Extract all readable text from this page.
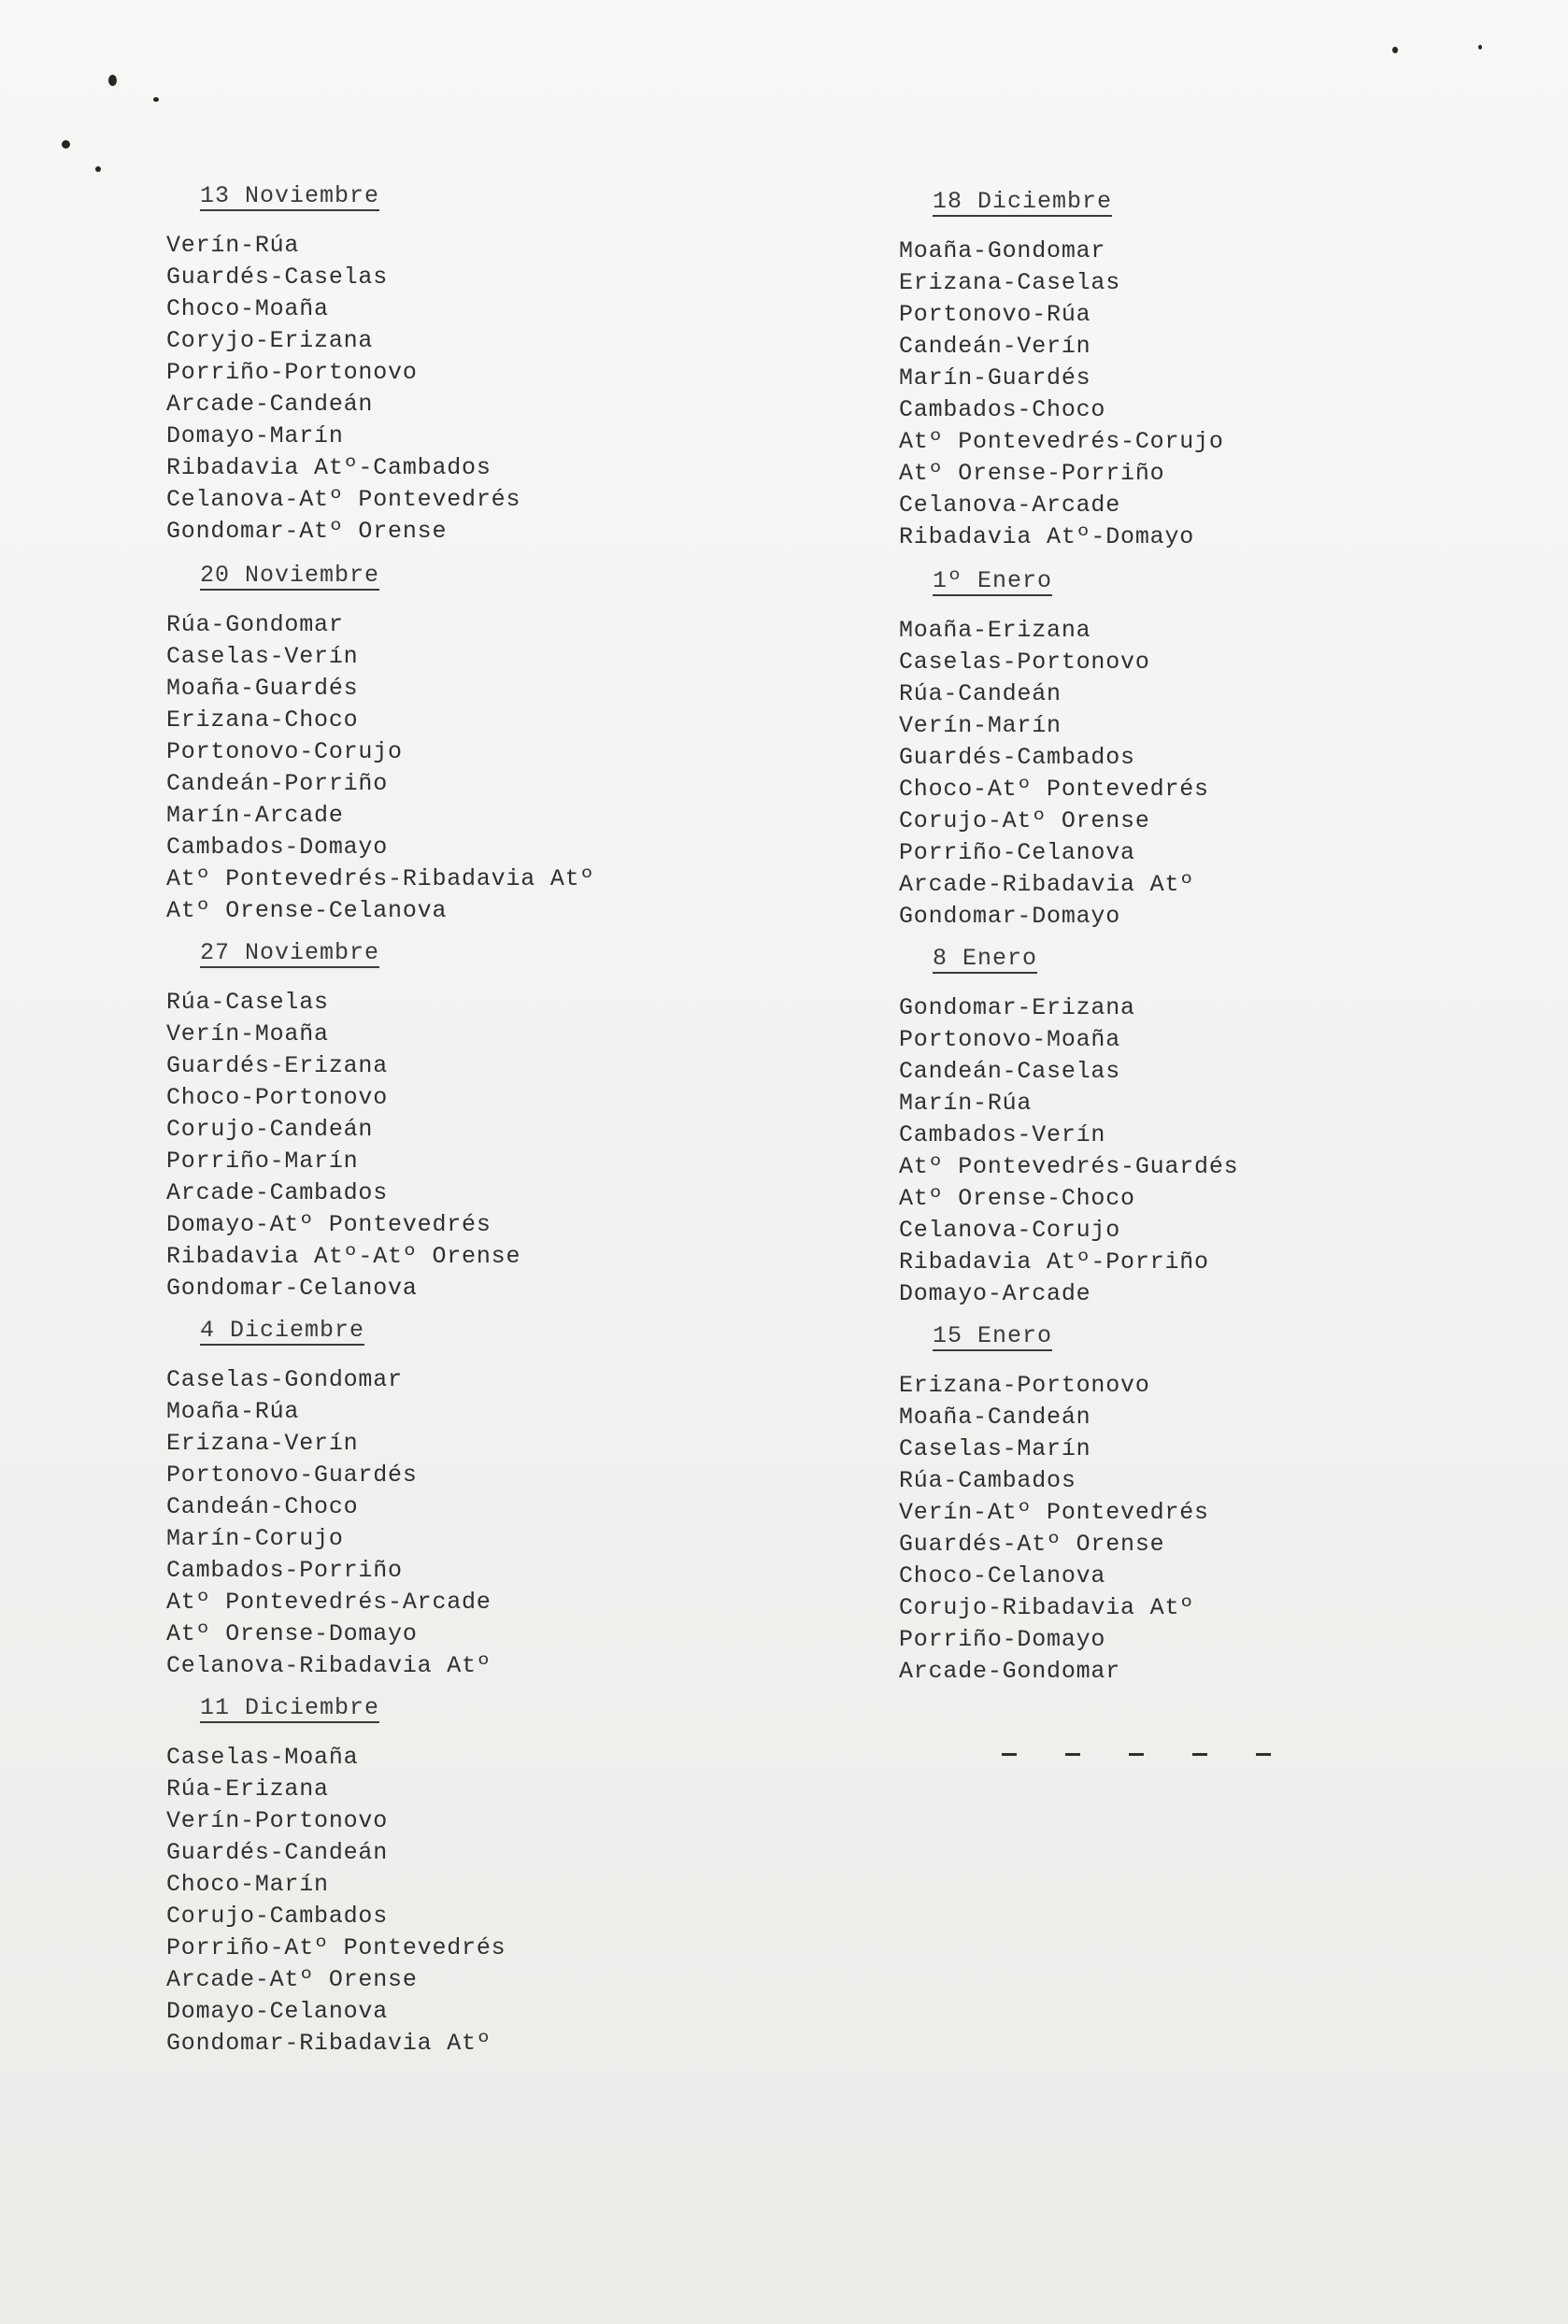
13 Noviembre
Verín-Rúa
Guardés-Caselas
Choco-Moaña
Coryjo-Erizana
Porriño-Portonovo
Arcade-Candeán
Domayo-Marín
Ribadavia Atº-Cambados
Celanova-Atº Pontevedrés
Gondomar-Atº Orense
20 Noviembre
Rúa-Gondomar
Caselas-Verín
Moaña-Guardés
Erizana-Choco
Portonovo-Corujo
Candeán-Porriño
Marín-Arcade
Cambados-Domayo
Atº Pontevedrés-Ribadavia Atº
Atº Orense-Celanova
27 Noviembre
Rúa-Caselas
Verín-Moaña
Guardés-Erizana
Choco-Portonovo
Corujo-Candeán
Porriño-Marín
Arcade-Cambados
Domayo-Atº Pontevedrés
Ribadavia Atº-Atº Orense
Gondomar-Celanova
4 Diciembre
Caselas-Gondomar
Moaña-Rúa
Erizana-Verín
Portonovo-Guardés
Candeán-Choco
Marín-Corujo
Cambados-Porriño
Atº Pontevedrés-Arcade
Atº Orense-Domayo
Celanova-Ribadavia Atº
11 Diciembre
Caselas-Moaña
Rúa-Erizana
Verín-Portonovo
Guardés-Candeán
Choco-Marín
Corujo-Cambados
Porriño-Atº Pontevedrés
Arcade-Atº Orense
Domayo-Celanova
Gondomar-Ribadavia Atº
18 Diciembre
Moaña-Gondomar
Erizana-Caselas
Portonovo-Rúa
Candeán-Verín
Marín-Guardés
Cambados-Choco
Atº Pontevedrés-Corujo
Atº Orense-Porriño
Celanova-Arcade
Ribadavia Atº-Domayo
1º Enero
Moaña-Erizana
Caselas-Portonovo
Rúa-Candeán
Verín-Marín
Guardés-Cambados
Choco-Atº Pontevedrés
Corujo-Atº Orense
Porriño-Celanova
Arcade-Ribadavia Atº
Gondomar-Domayo
8 Enero
Gondomar-Erizana
Portonovo-Moaña
Candeán-Caselas
Marín-Rúa
Cambados-Verín
Atº Pontevedrés-Guardés
Atº Orense-Choco
Celanova-Corujo
Ribadavia Atº-Porriño
Domayo-Arcade
15 Enero
Erizana-Portonovo
Moaña-Candeán
Caselas-Marín
Rúa-Cambados
Verín-Atº Pontevedrés
Guardés-Atº Orense
Choco-Celanova
Corujo-Ribadavia Atº
Porriño-Domayo
Arcade-Gondomar
